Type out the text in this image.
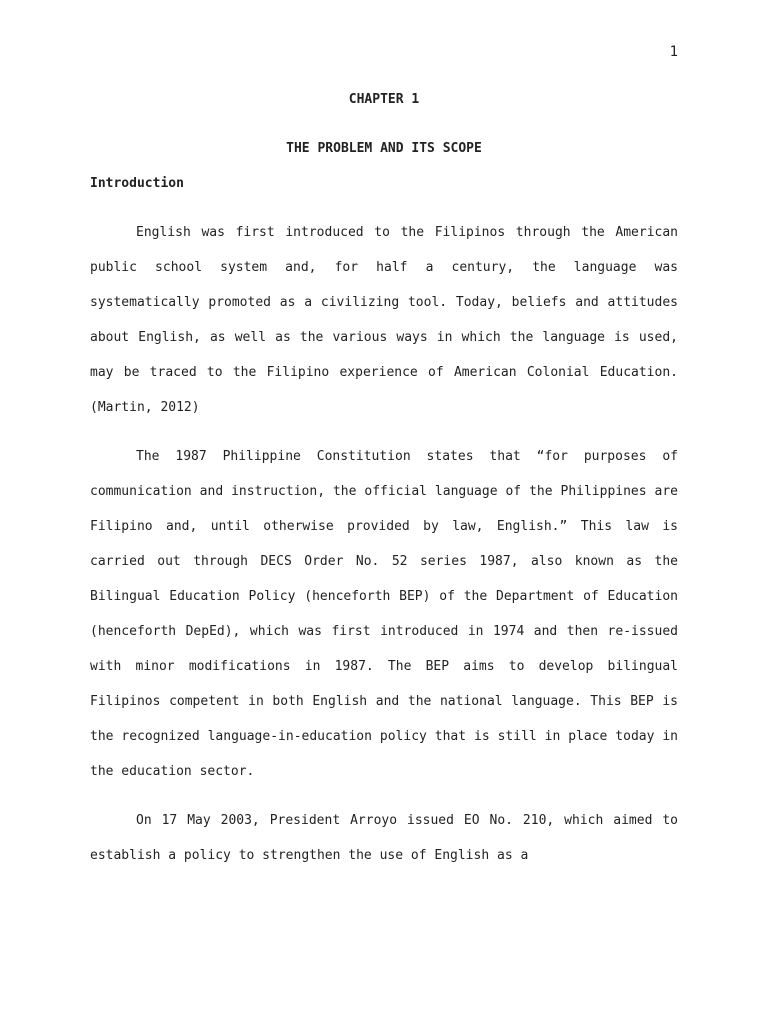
1
CHAPTER 1
THE PROBLEM AND ITS SCOPE
Introduction

English was first introduced to the Filipinos through the American public school system and, for half a century, the language was systematically promoted as a civilizing tool. Today, beliefs and attitudes about English, as well as the various ways in which the language is used, may be traced to the Filipino experience of American Colonial Education. (Martin, 2012)

The 1987 Philippine Constitution states that “for purposes of communication and instruction, the official language of the Philippines are Filipino and, until otherwise provided by law, English.” This law is carried out through DECS Order No. 52 series 1987, also known as the Bilingual Education Policy (henceforth BEP) of the Department of Education (henceforth DepEd), which was first introduced in 1974 and then re-issued with minor modifications in 1987. The BEP aims to develop bilingual Filipinos competent in both English and the national language. This BEP is the recognized language-in-education policy that is still in place today in the education sector.

On 17 May 2003, President Arroyo issued EO No. 210, which aimed to establish a policy to strengthen the use of English as a
